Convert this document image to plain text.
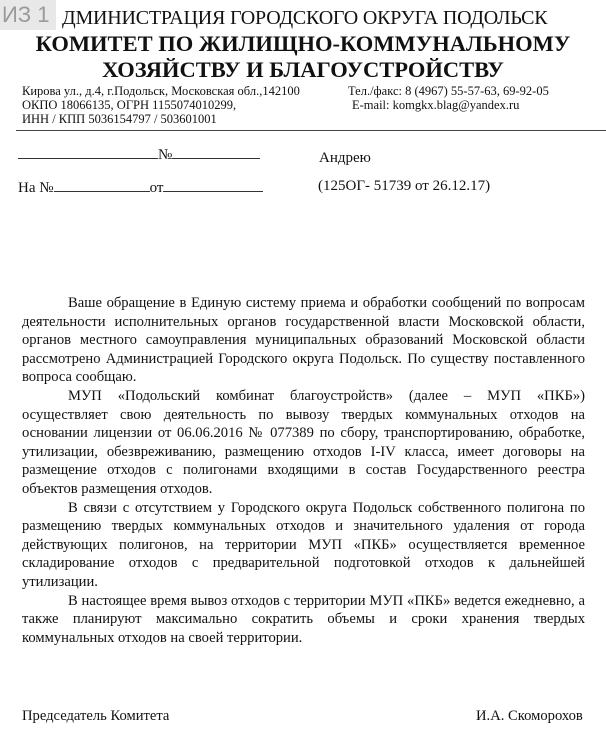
ИЗ 1 ДМИНИСТРАЦИЯ ГОРОДСКОГО ОКРУГА ПОДОЛЬСК
КОМИТЕТ ПО ЖИЛИЩНО-КОММУНАЛЬНОМУ
ХОЗЯЙСТВУ И БЛАГОУСТРОЙСТВУ
Кирова ул., д.4, г.Подольск, Московская обл.,142100	Тел./факс: 8 (4967) 55-57-63, 69-92-05
ОКПО 18066135, ОГРН 1155074010299,	E-mail: komgkx.blag@yandex.ru
ИНН / КПП 5036154797 / 503601001
№	Андрею
На №	от	(125ОГ- 51739 от 26.12.17)

Ваше обращение в Единую систему приема и обработки сообщений по вопросам деятельности исполнительных органов государственной власти Московской области, органов местного самоуправления муниципальных образований Московской области рассмотрено Администрацией Городского округа Подольск. По существу поставленного вопроса сообщаю.

МУП «Подольский комбинат благоустройств» (далее – МУП «ПКБ») осуществляет свою деятельность по вывозу твердых коммунальных отходов на основании лицензии от 06.06.2016 № 077389 по сбору, транспортированию, обработке, утилизации, обезвреживанию, размещению отходов I-IV класса, имеет договоры на размещение отходов с полигонами входящими в состав Государственного реестра объектов размещения отходов.

В связи с отсутствием у Городского округа Подольск собственного полигона по размещению твердых коммунальных отходов и значительного удаления от города действующих полигонов, на территории МУП «ПКБ» осуществляется временное складирование отходов с предварительной подготовкой отходов к дальнейшей утилизации.

В настоящее время вывоз отходов с территории МУП «ПКБ» ведется ежедневно, а также планируют максимально сократить объемы и сроки хранения твердых коммунальных отходов на своей территории.

Председатель Комитета	И.А. Скоморохов
